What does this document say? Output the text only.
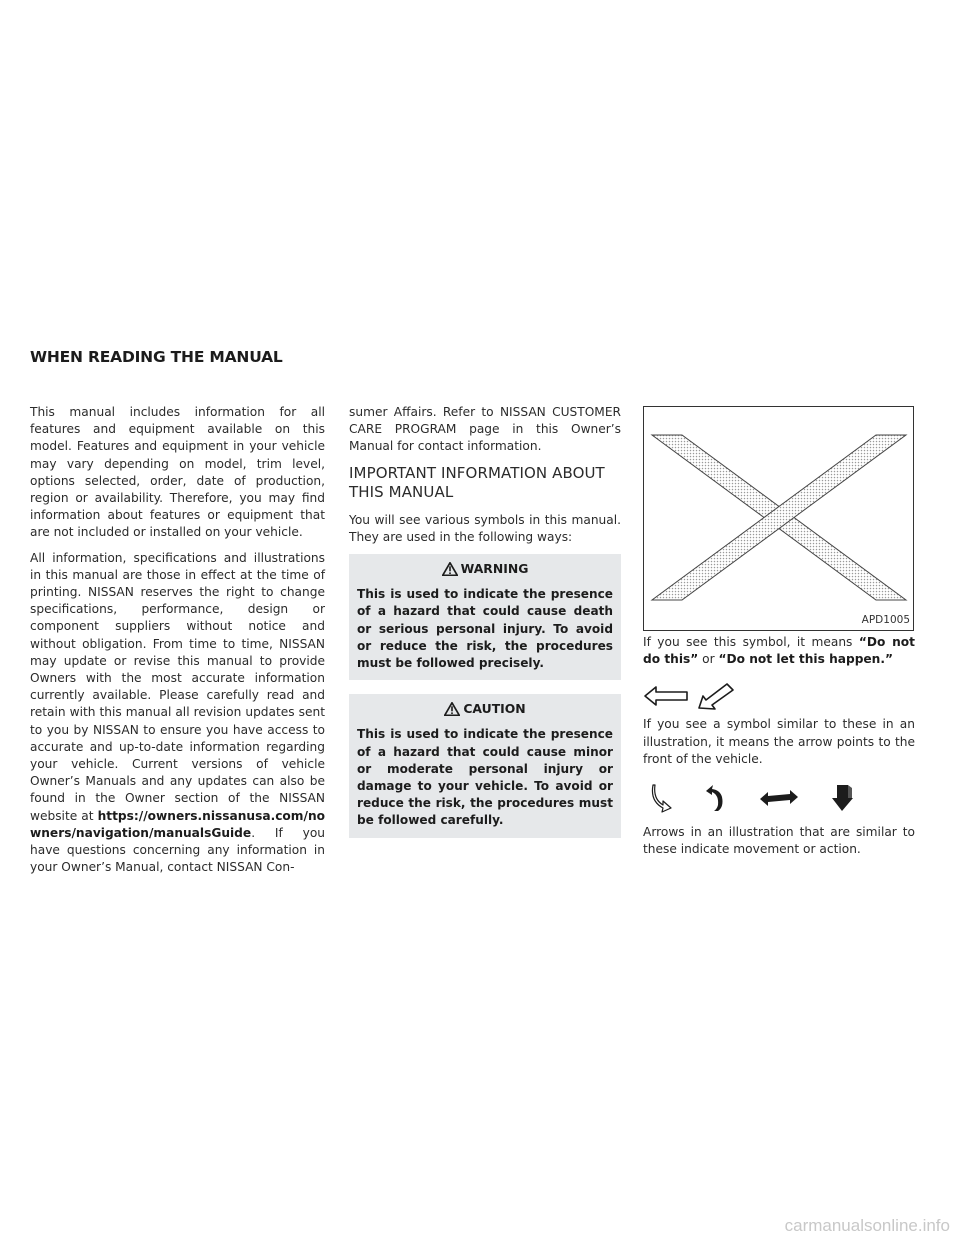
WHEN READING THE MANUAL

This manual includes information for all features and equipment available on this model. Features and equipment in your vehicle may vary depending on model, trim level, options selected, order, date of production, region or availability. Therefore, you may find information about features or equipment that are not included or installed on your vehicle.

All information, specifications and illustrations in this manual are those in effect at the time of printing. NISSAN reserves the right to change specifications, performance, design or component suppliers without notice and without obligation. From time to time, NISSAN may update or revise this manual to provide Owners with the most accurate information currently available. Please carefully read and retain with this manual all revision updates sent to you by NISSAN to ensure you have access to accurate and up-to-date information regarding your vehicle. Current versions of vehicle Owner’s Manuals and any updates can also be found in the Owner section of the NISSAN website at https://owners.nissanusa.com/nowners/navigation/manualsGuide. If you have questions concerning any information in your Owner’s Manual, contact NISSAN Con-

sumer Affairs. Refer to NISSAN CUSTOMER CARE PROGRAM page in this Owner’s Manual for contact information.

IMPORTANT INFORMATION ABOUT THIS MANUAL

You will see various symbols in this manual. They are used in the following ways:

WARNING
This is used to indicate the presence of a hazard that could cause death or serious personal injury. To avoid or reduce the risk, the procedures must be followed precisely.
CAUTION
This is used to indicate the presence of a hazard that could cause minor or moderate personal injury or damage to your vehicle. To avoid or reduce the risk, the procedures must be followed carefully.
APD1005

If you see this symbol, it means “Do not do this” or “Do not let this happen.”

If you see a symbol similar to these in an illustration, it means the arrow points to the front of the vehicle.

Arrows in an illustration that are similar to these indicate movement or action.

carmanualsonline.info
